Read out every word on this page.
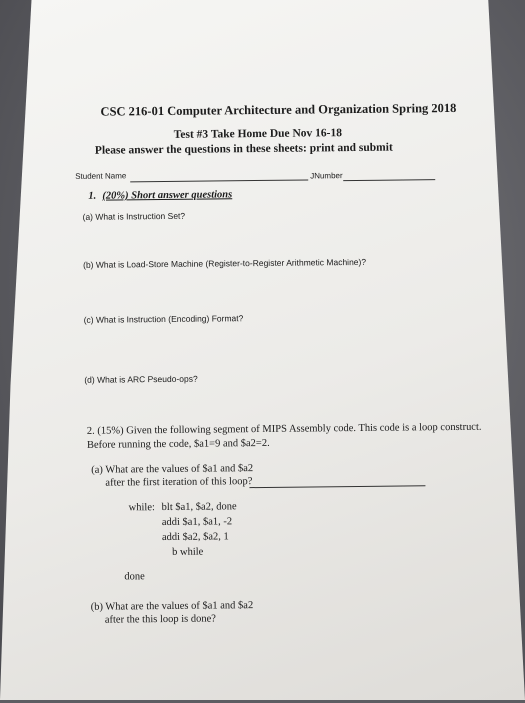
CSC 216-01 Computer Architecture and Organization Spring 2018
Test #3 Take Home Due Nov 16-18
Please answer the questions in these sheets: print and submit
Student Name	JNumber
1. (20%) Short answer questions
(a) What is Instruction Set?
(b) What is Load-Store Machine (Register-to-Register Arithmetic Machine)?
(c) What is Instruction (Encoding) Format?
(d) What is ARC Pseudo-ops?
2. (15%) Given the following segment of MIPS Assembly code. This code is a loop construct.
Before running the code, $a1=9 and $a2=2.
(a) What are the values of $a1 and $a2
after the first iteration of this loop?
while: blt $a1, $a2, done
addi $a1, $a1, -2
addi $a2, $a2, 1
b while
done
(b) What are the values of $a1 and $a2
after the this loop is done?
